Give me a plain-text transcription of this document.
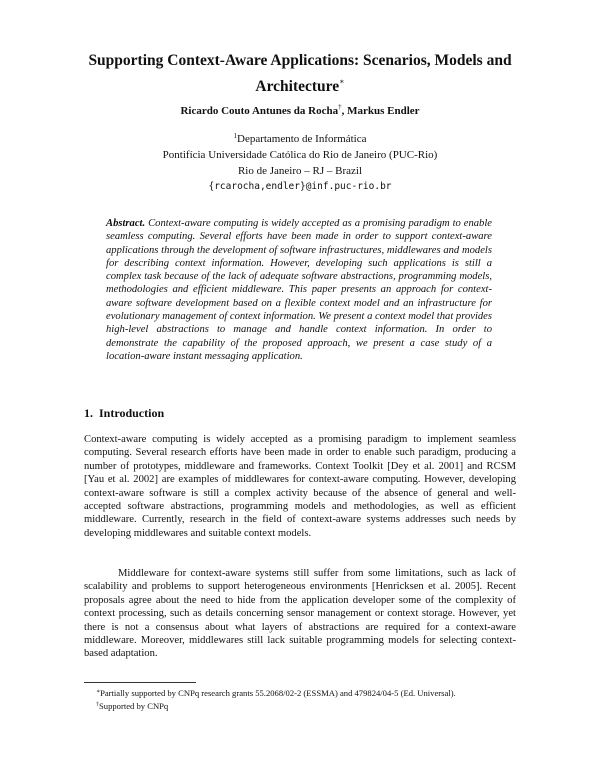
Supporting Context-Aware Applications: Scenarios, Models and Architecture∗
Ricardo Couto Antunes da Rocha†, Markus Endler
$^1$Departamento de Informática
Pontifícia Universidade Católica do Rio de Janeiro (PUC-Rio)
Rio de Janeiro – RJ – Brazil
{rcarocha,endler}@inf.puc-rio.br

Abstract. Context-aware computing is widely accepted as a promising paradigm to enable seamless computing. Several efforts have been made in order to support context-aware applications through the development of software infrastructures, middlewares and models for describing context information. However, developing such applications is still a complex task because of the lack of adequate software abstractions, programming models, methodologies and efficient middleware. This paper presents an approach for context-aware software development based on a flexible context model and an infrastructure for evolutionary management of context information. We present a context model that provides high-level abstractions to manage and handle context information. In order to demonstrate the capability of the proposed approach, we present a case study of a location-aware instant messaging application.

1. Introduction

Context-aware computing is widely accepted as a promising paradigm to implement seamless computing. Several research efforts have been made in order to enable such paradigm, producing a number of prototypes, middleware and frameworks. Context Toolkit [Dey et al. 2001] and RCSM [Yau et al. 2002] are examples of middlewares for context-aware computing. However, developing context-aware software is still a complex activity because of the absence of general and well-accepted software abstractions, programming models and methodologies, as well as efficient middleware. Currently, research in the field of context-aware systems addresses such needs by developing middlewares and suitable context models.

Middleware for context-aware systems still suffer from some limitations, such as lack of scalability and problems to support heterogeneous environments [Henricksen et al. 2005]. Recent proposals agree about the need to hide from the application developer some of the complexity of context processing, such as details concerning sensor management or context storage. However, yet there is not a consensus about what layers of abstractions are required for a context-aware middleware. Moreover, middlewares still lack suitable programming models for selecting context-based adaptation.

∗Partially supported by CNPq research grants 55.2068/02-2 (ESSMA) and 479824/04-5 (Ed. Universal).
†Supported by CNPq
